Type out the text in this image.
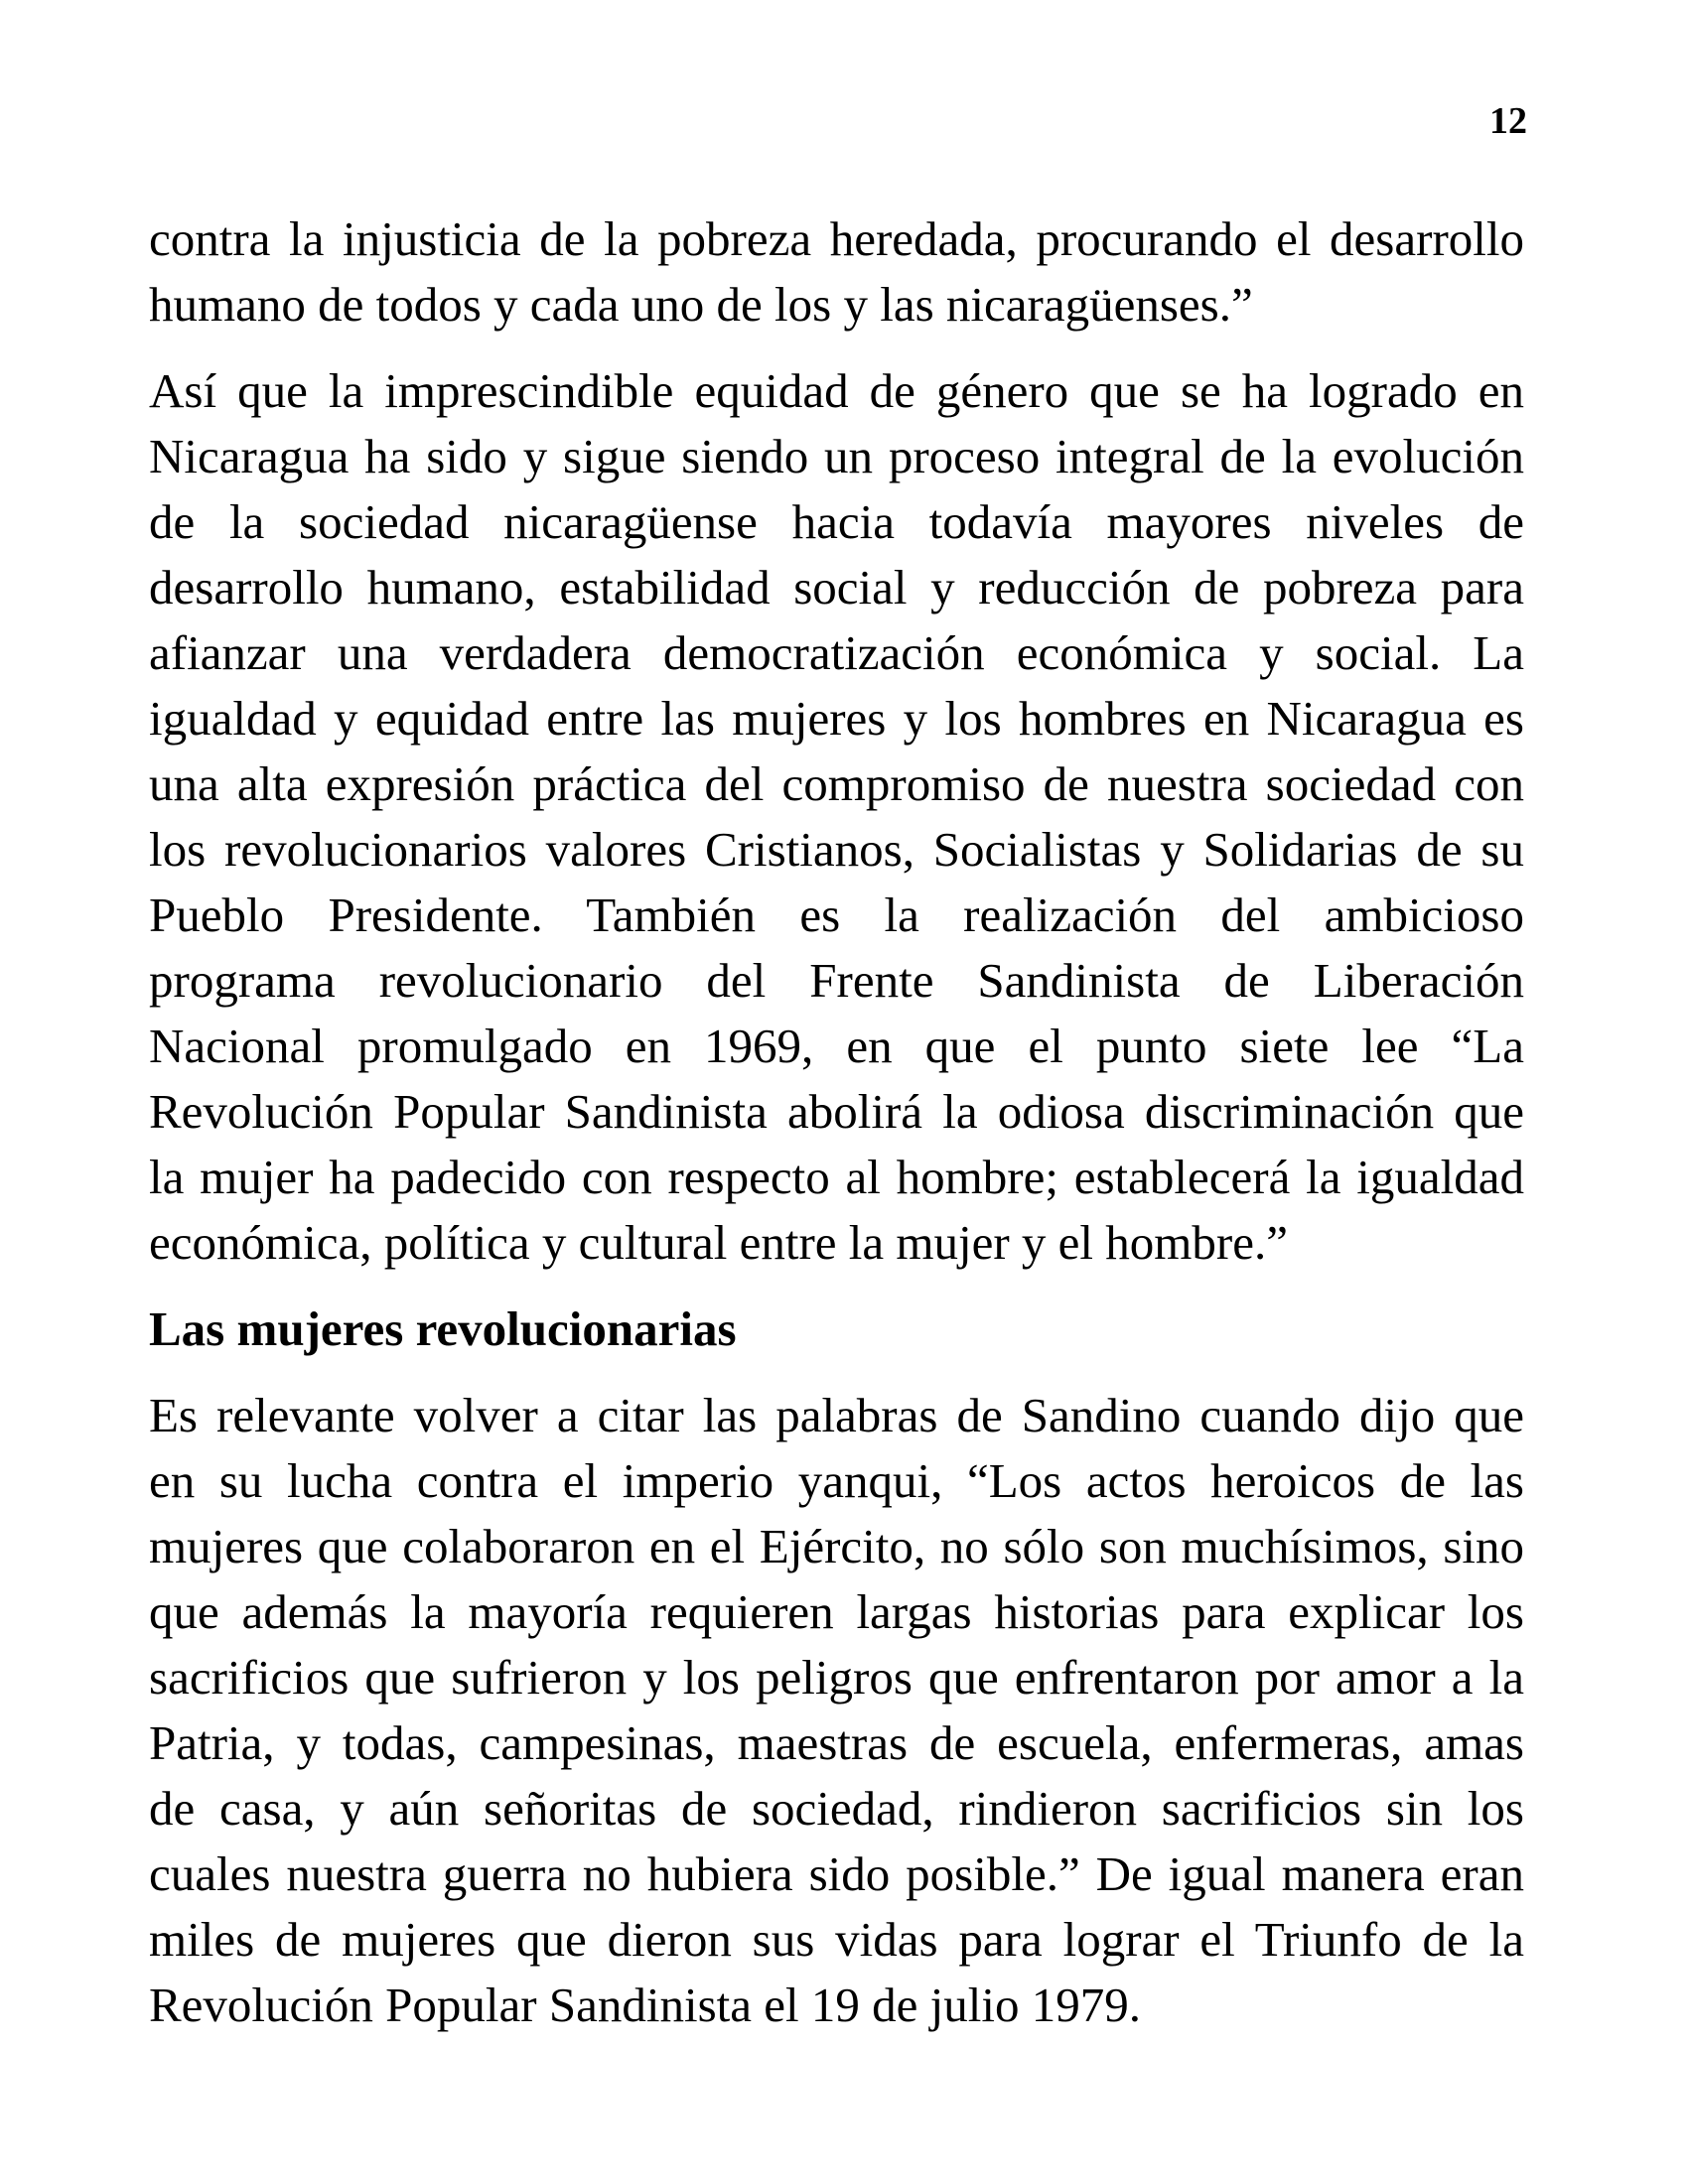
12
contra la injusticia de la pobreza heredada, procurando el desarrollo
humano de todos y cada uno de los y las nicaragüenses.”
Así que la imprescindible equidad de género que se ha logrado en
Nicaragua ha sido y sigue siendo un proceso integral de la evolución
de la sociedad nicaragüense hacia todavía mayores niveles de
desarrollo humano, estabilidad social y reducción de pobreza para
afianzar una verdadera democratización económica y social. La
igualdad y equidad entre las mujeres y los hombres en Nicaragua es
una alta expresión práctica del compromiso de nuestra sociedad con
los revolucionarios valores Cristianos, Socialistas y Solidarias de su
Pueblo Presidente. También es la realización del ambicioso
programa revolucionario del Frente Sandinista de Liberación
Nacional promulgado en 1969, en que el punto siete lee “La
Revolución Popular Sandinista abolirá la odiosa discriminación que
la mujer ha padecido con respecto al hombre; establecerá la igualdad
económica, política y cultural entre la mujer y el hombre.”
Las mujeres revolucionarias
Es relevante volver a citar las palabras de Sandino cuando dijo que
en su lucha contra el imperio yanqui, “Los actos heroicos de las
mujeres que colaboraron en el Ejército, no sólo son muchísimos, sino
que además la mayoría requieren largas historias para explicar los
sacrificios que sufrieron y los peligros que enfrentaron por amor a la
Patria, y todas, campesinas, maestras de escuela, enfermeras, amas
de casa, y aún señoritas de sociedad, rindieron sacrificios sin los
cuales nuestra guerra no hubiera sido posible.” De igual manera eran
miles de mujeres que dieron sus vidas para lograr el Triunfo de la
Revolución Popular Sandinista el 19 de julio 1979.
